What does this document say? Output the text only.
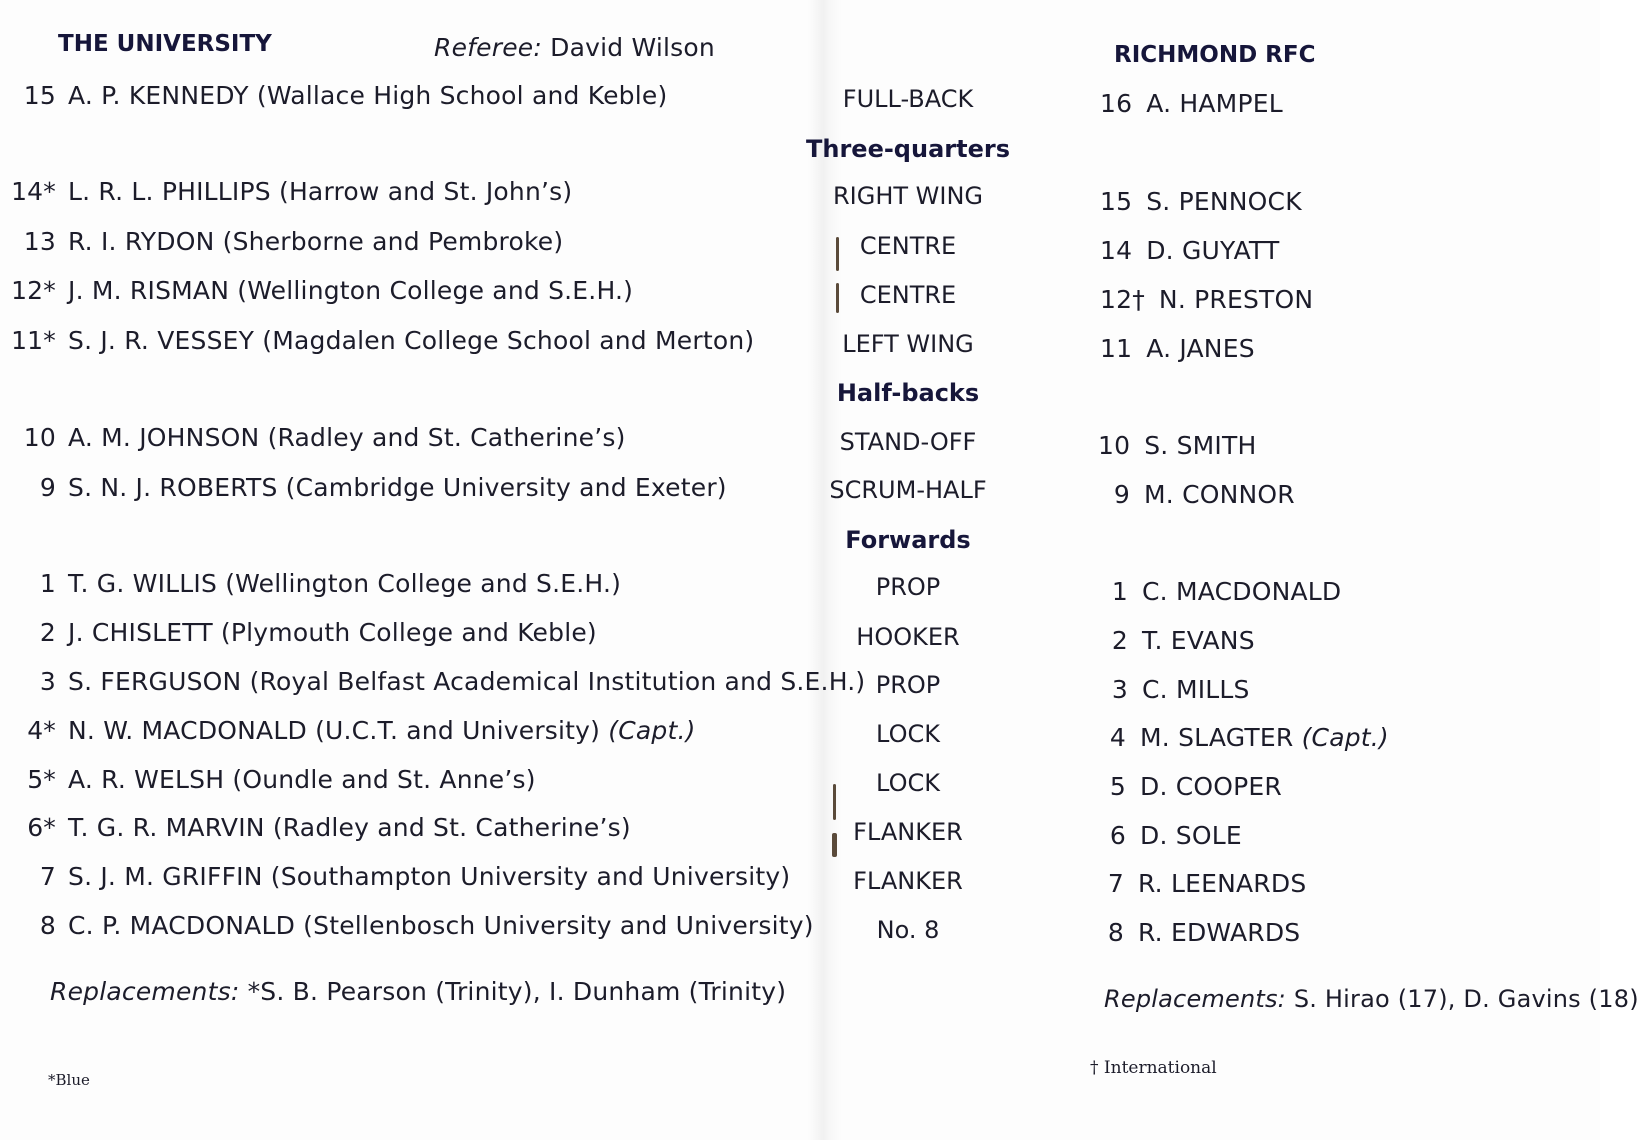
THE UNIVERSITY	Referee: David Wilson
15 A. P. KENNEDY (Wallace High School and Keble)
14* L. R. L. PHILLIPS (Harrow and St. John’s)
13 R. I. RYDON (Sherborne and Pembroke)
12* J. M. RISMAN (Wellington College and S.E.H.)
11* S. J. R. VESSEY (Magdalen College School and Merton)
10 A. M. JOHNSON (Radley and St. Catherine’s)
9 S. N. J. ROBERTS (Cambridge University and Exeter)
1 T. G. WILLIS (Wellington College and S.E.H.)
2 J. CHISLETT (Plymouth College and Keble)
3 S. FERGUSON (Royal Belfast Academical Institution and S.E.H.)
4* N. W. MACDONALD (U.C.T. and University) (Capt.)
5* A. R. WELSH (Oundle and St. Anne’s)
6* T. G. R. MARVIN (Radley and St. Catherine’s)
7 S. J. M. GRIFFIN (Southampton University and University)
8 C. P. MACDONALD (Stellenbosch University and University)
Replacements: *S. B. Pearson (Trinity), I. Dunham (Trinity)
*Blue
FULL-BACK
Three-quarters
RIGHT WING
CENTRE
CENTRE
LEFT WING
Half-backs
STAND-OFF
SCRUM-HALF
Forwards
PROP
HOOKER
PROP
LOCK
LOCK
FLANKER
FLANKER
No. 8
RICHMOND RFC
16 A. HAMPEL
15 S. PENNOCK
14 D. GUYATT
12† N. PRESTON
11 A. JANES
10 S. SMITH
9 M. CONNOR
1 C. MACDONALD
2 T. EVANS
3 C. MILLS
4 M. SLAGTER (Capt.)
5 D. COOPER
6 D. SOLE
7 R. LEENARDS
8 R. EDWARDS
Replacements: S. Hirao (17), D. Gavins (18)
† International
